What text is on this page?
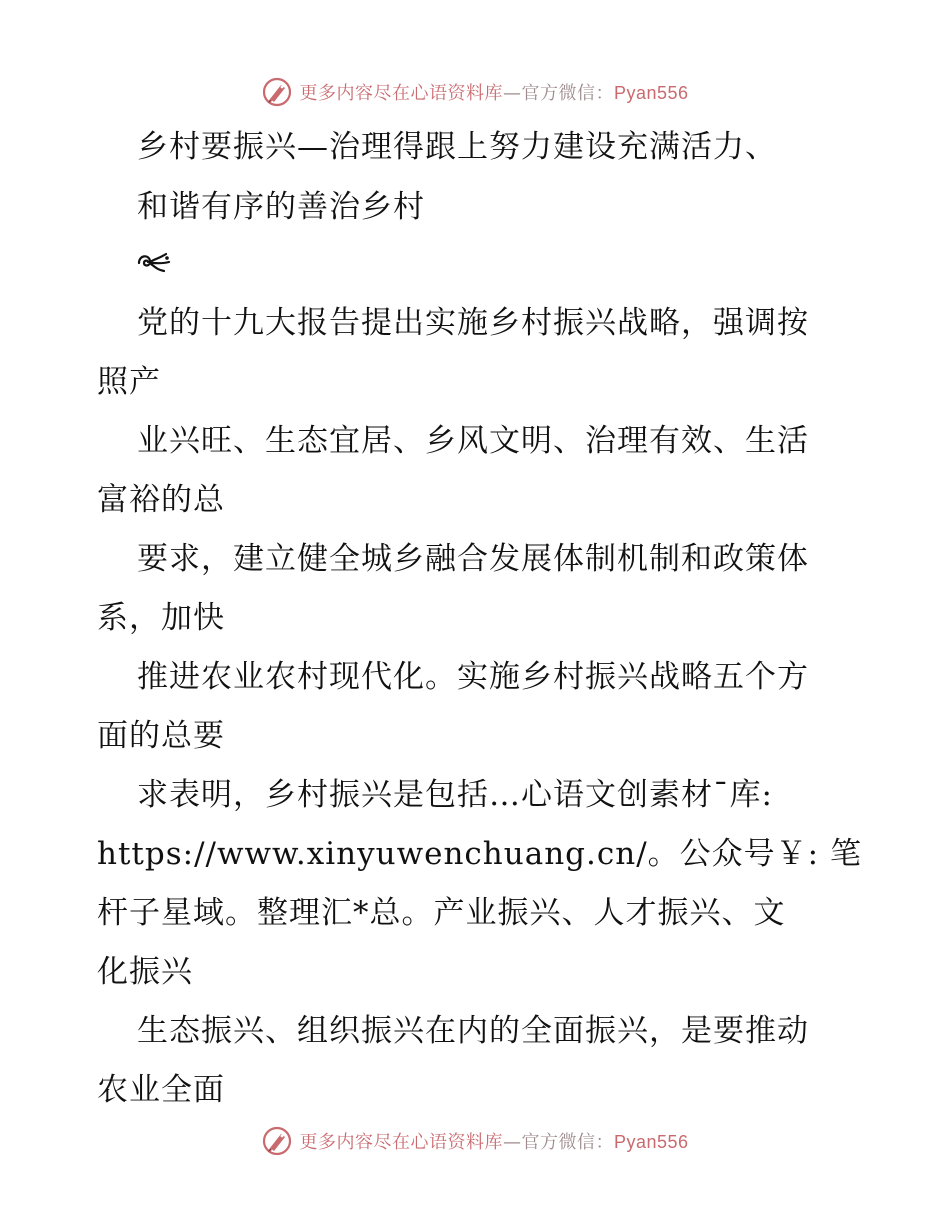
更多内容尽在心语资料库—官方微信：Pyan556
乡村要振兴—治理得跟上努力建设充满活力、
和谐有序的善治乡村
党的十九大报告提出实施乡村振兴战略，强调按
照产
业兴旺、生态宜居、乡风文明、治理有效、生活
富裕的总
要求，建立健全城乡融合发展体制机制和政策体
系，加快
推进农业农村现代化。实施乡村振兴战略五个方
面的总要
求表明，乡村振兴是包括…心语文创素材¯库:
https://www.xinyuwenchuang.cn/。公众号￥: 笔
杆子星域。整理汇*总。产业振兴、人才振兴、文
化振兴
生态振兴、组织振兴在内的全面振兴，是要推动
农业全面
更多内容尽在心语资料库—官方微信：Pyan556
